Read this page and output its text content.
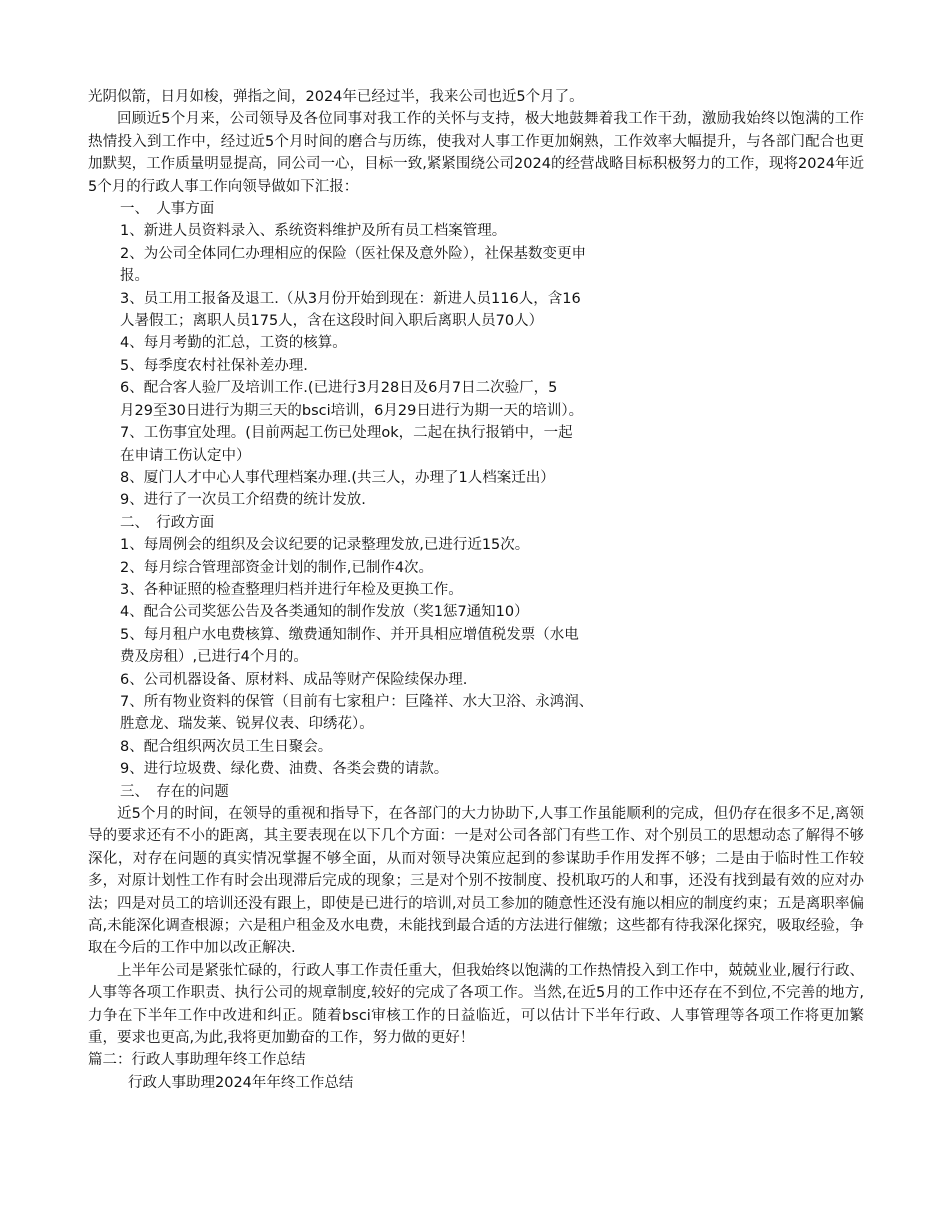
光阴似箭，日月如梭，弹指之间，2024年已经过半，我来公司也近5个月了。

回顾近5个月来，公司领导及各位同事对我工作的关怀与支持，极大地鼓舞着我工作干劲，激励我始终以饱满的工作热情投入到工作中，经过近5个月时间的磨合与历练，使我对人事工作更加娴熟，工作效率大幅提升，与各部门配合也更加默契，工作质量明显提高，同公司一心，目标一致,紧紧围绕公司2024的经营战略目标积极努力的工作，现将2024年近5个月的行政人事工作向领导做如下汇报：

一、　人事方面

1、新进人员资料录入、系统资料维护及所有员工档案管理。

2、为公司全体同仁办理相应的保险（医社保及意外险），社保基数变更申

报。

3、员工用工报备及退工.（从3月份开始到现在：新进人员116人，含16

人暑假工；离职人员175人，含在这段时间入职后离职人员70人）

4、每月考勤的汇总，工资的核算。

5、每季度农村社保补差办理.

6、配合客人验厂及培训工作.(已进行3月28日及6月7日二次验厂，5

月29至30日进行为期三天的bsci培训，6月29日进行为期一天的培训）。

7、工伤事宜处理。(目前两起工伤已处理ok，二起在执行报销中，一起

在申请工伤认定中）

8、厦门人才中心人事代理档案办理.(共三人，办理了1人档案迁出）

9、进行了一次员工介绍费的统计发放.

二、　行政方面

1、每周例会的组织及会议纪要的记录整理发放,已进行近15次。

2、每月综合管理部资金计划的制作,已制作4次。

3、各种证照的检查整理归档并进行年检及更换工作。

4、配合公司奖惩公告及各类通知的制作发放（奖1惩7通知10）

5、每月租户水电费核算、缴费通知制作、并开具相应增值税发票（水电

费及房租）,已进行4个月的。

6、公司机器设备、原材料、成品等财产保险续保办理.

7、所有物业资料的保管（目前有七家租户：巨隆祥、水大卫浴、永鸿润、

胜意龙、瑞发莱、锐昇仪表、印绣花）。

8、配合组织两次员工生日聚会。

9、进行垃圾费、绿化费、油费、各类会费的请款。

三、　存在的问题

近5个月的时间，在领导的重视和指导下，在各部门的大力协助下,人事工作虽能顺利的完成，但仍存在很多不足,离领导的要求还有不小的距离，其主要表现在以下几个方面：一是对公司各部门有些工作、对个别员工的思想动态了解得不够深化，对存在问题的真实情况掌握不够全面，从而对领导决策应起到的参谋助手作用发挥不够；二是由于临时性工作较多，对原计划性工作有时会出现滞后完成的现象；三是对个别不按制度、投机取巧的人和事，还没有找到最有效的应对办法；四是对员工的培训还没有跟上，即使是已进行的培训,对员工参加的随意性还没有施以相应的制度约束；五是离职率偏高,未能深化调查根源；六是租户租金及水电费，未能找到最合适的方法进行催缴；这些都有待我深化探究，吸取经验，争取在今后的工作中加以改正解决.

上半年公司是紧张忙碌的，行政人事工作责任重大，但我始终以饱满的工作热情投入到工作中，兢兢业业,履行行政、人事等各项工作职责、执行公司的规章制度,较好的完成了各项工作。当然,在近5月的工作中还存在不到位,不完善的地方,力争在下半年工作中改进和纠正。随着bsci审核工作的日益临近，可以估计下半年行政、人事管理等各项工作将更加繁重，要求也更高,为此,我将更加勤奋的工作，努力做的更好！

篇二：行政人事助理年终工作总结

行政人事助理2024年年终工作总结
